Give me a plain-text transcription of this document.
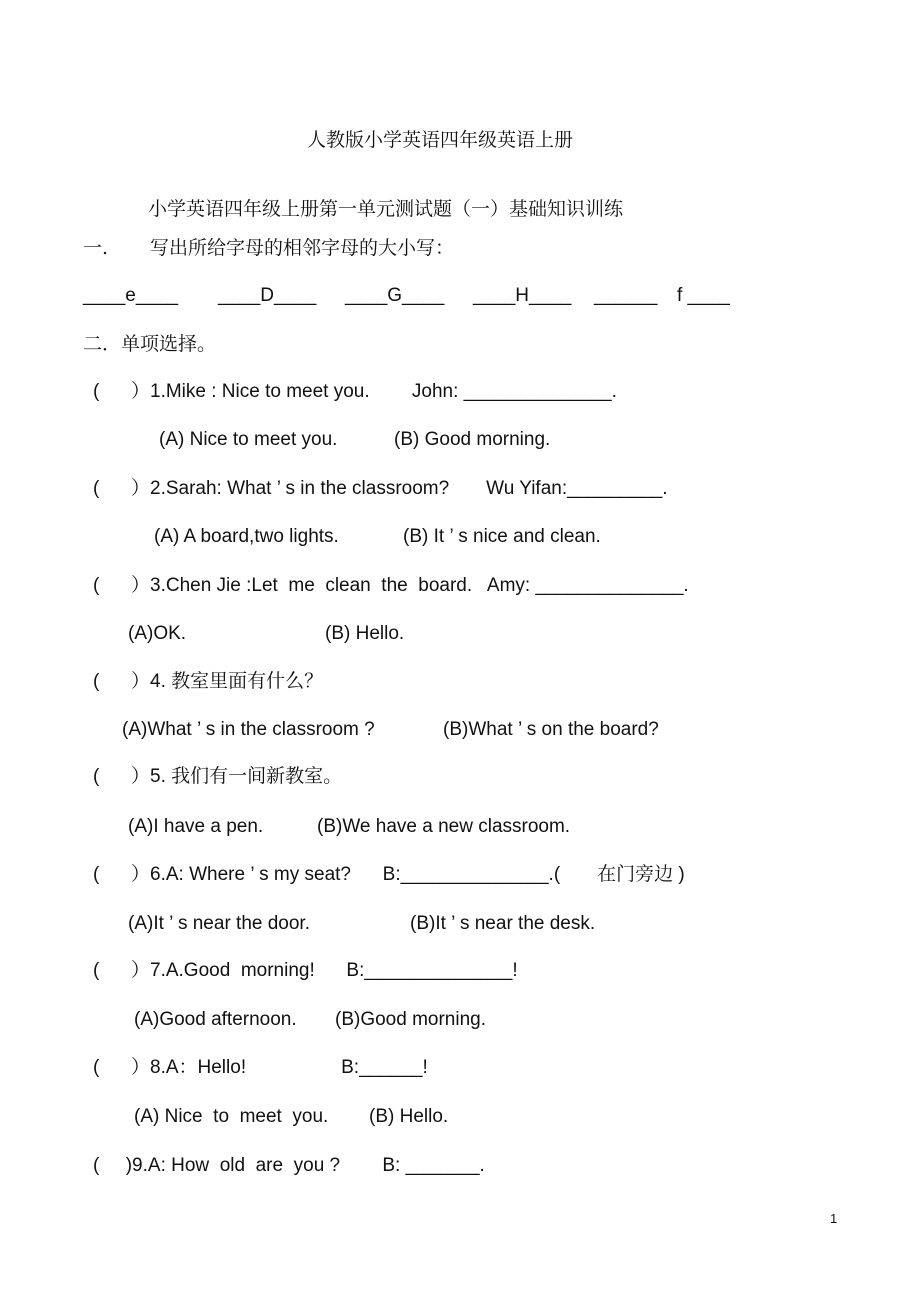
人教版小学英语四年级英语上册
小学英语四年级上册第一单元测试题（一）基础知识训练
一. 写出所给字母的相邻字母的大小写：
____e____ ____D____ ____G____ ____H____ ______ f ____
二．单项选择。
(      ）1.Mike : Nice to meet you.        John: ______________.
(A) Nice to meet you.	(B) Good morning.
(      ）2.Sarah: What ’ s in the classroom?       Wu Yifan:_________.
(A) A board,two lights.	(B) It ’ s nice and clean.
(      ）3.Chen Jie :Let  me  clean  the  board.   Amy: ______________.
(A)OK.	(B) Hello.
(      ）4. 教室里面有什么？
(A)What ’ s in the classroom ?	(B)What ’ s on the board?
(      ）5. 我们有一间新教室。
(A)I have a pen.	(B)We have a new classroom.
(      ）6.A: Where ’ s my seat?      B:______________.(       在门旁边 )
(A)It ’ s near the door.	(B)It ’ s near the desk.
(      ）7.A.Good  morning!      B:______________!
(A)Good afternoon. (B)Good morning.
(      ）8.A：Hello!                  B:______!
(A) Nice  to  meet  you. (B) Hello.
(     )9.A: How  old  are  you ?        B: _______.
1
